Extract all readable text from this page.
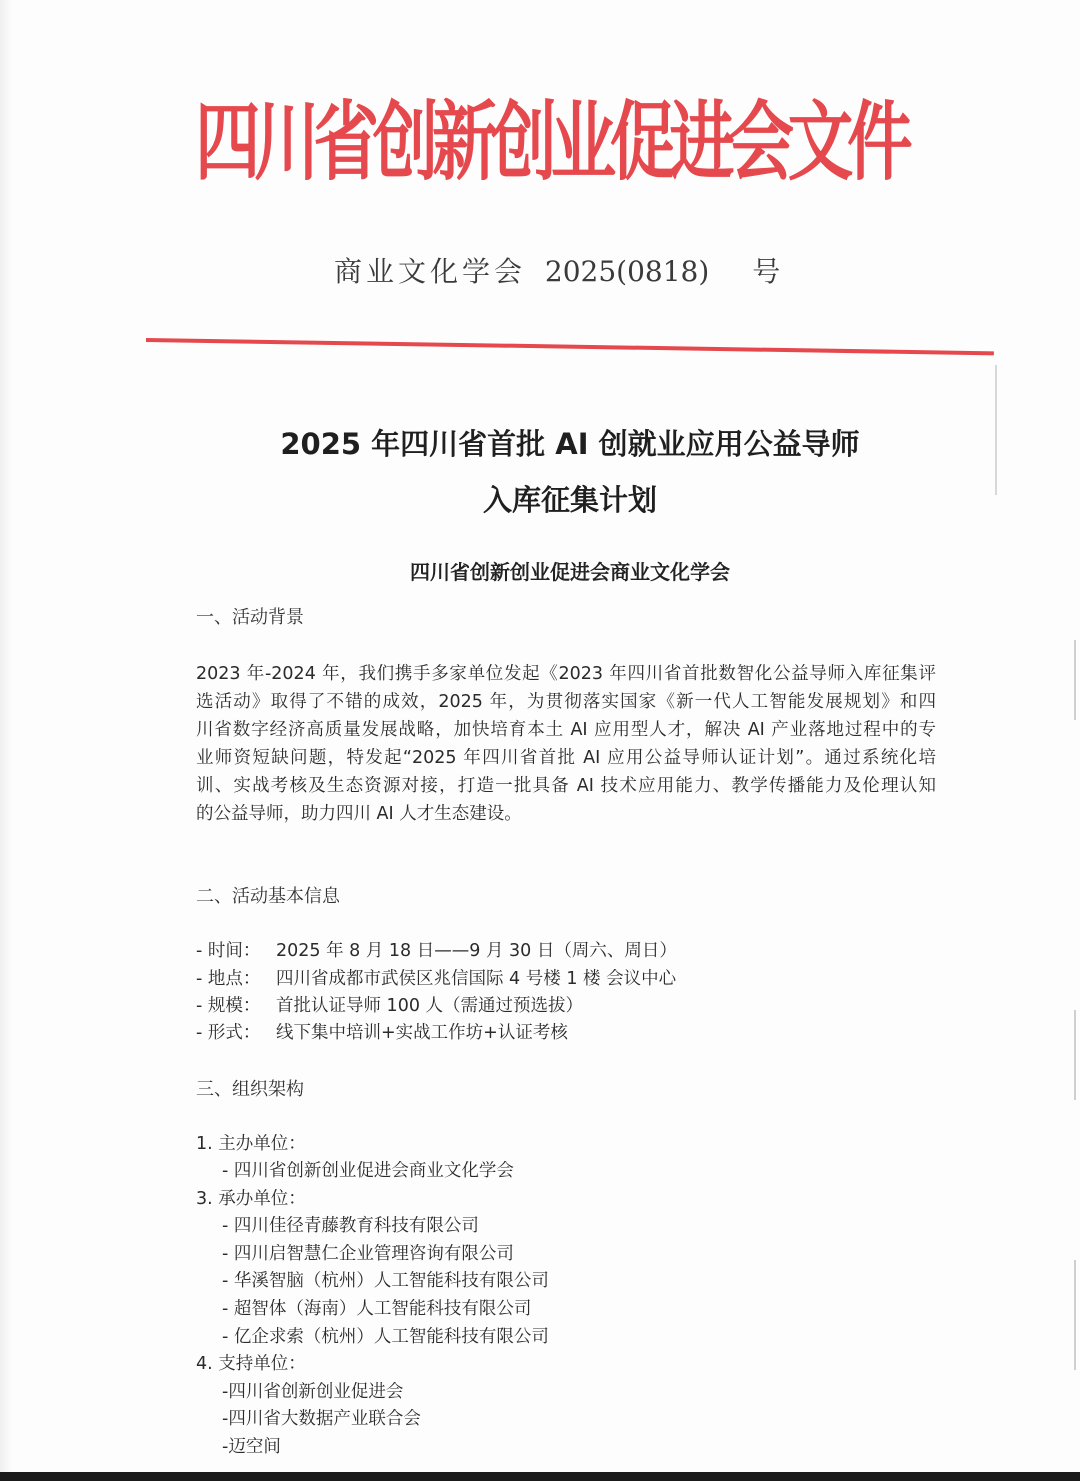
四川省创新创业促进会文件
商业文化学会 2025(0818) 号
2025 年四川省首批 AI 创就业应用公益导师
入库征集计划
四川省创新创业促进会商业文化学会
一、活动背景
2023 年-2024 年，我们携手多家单位发起《2023 年四川省首批数智化公益导师入库征集评
选活动》取得了不错的成效，2025 年，为贯彻落实国家《新一代人工智能发展规划》和四
川省数字经济高质量发展战略，加快培育本土 AI 应用型人才，解决 AI 产业落地过程中的专
业师资短缺问题，特发起“2025 年四川省首批 AI 应用公益导师认证计划”。通过系统化培
训、实战考核及生态资源对接，打造一批具备 AI 技术应用能力、教学传播能力及伦理认知
的公益导师，助力四川 AI 人才生态建设。
二、活动基本信息
- 时间： 2025 年 8 月 18 日——9 月 30 日（周六、周日）
- 地点： 四川省成都市武侯区兆信国际 4 号楼 1 楼 会议中心
- 规模： 首批认证导师 100 人（需通过预选拔）
- 形式： 线下集中培训+实战工作坊+认证考核
三、组织架构
1. 主办单位：
- 四川省创新创业促进会商业文化学会
3. 承办单位：
- 四川佳径青藤教育科技有限公司
- 四川启智慧仁企业管理咨询有限公司
- 华溪智脑（杭州）人工智能科技有限公司
- 超智体（海南）人工智能科技有限公司
- 亿企求索（杭州）人工智能科技有限公司
4. 支持单位：
-四川省创新创业促进会
-四川省大数据产业联合会
-迈空间
